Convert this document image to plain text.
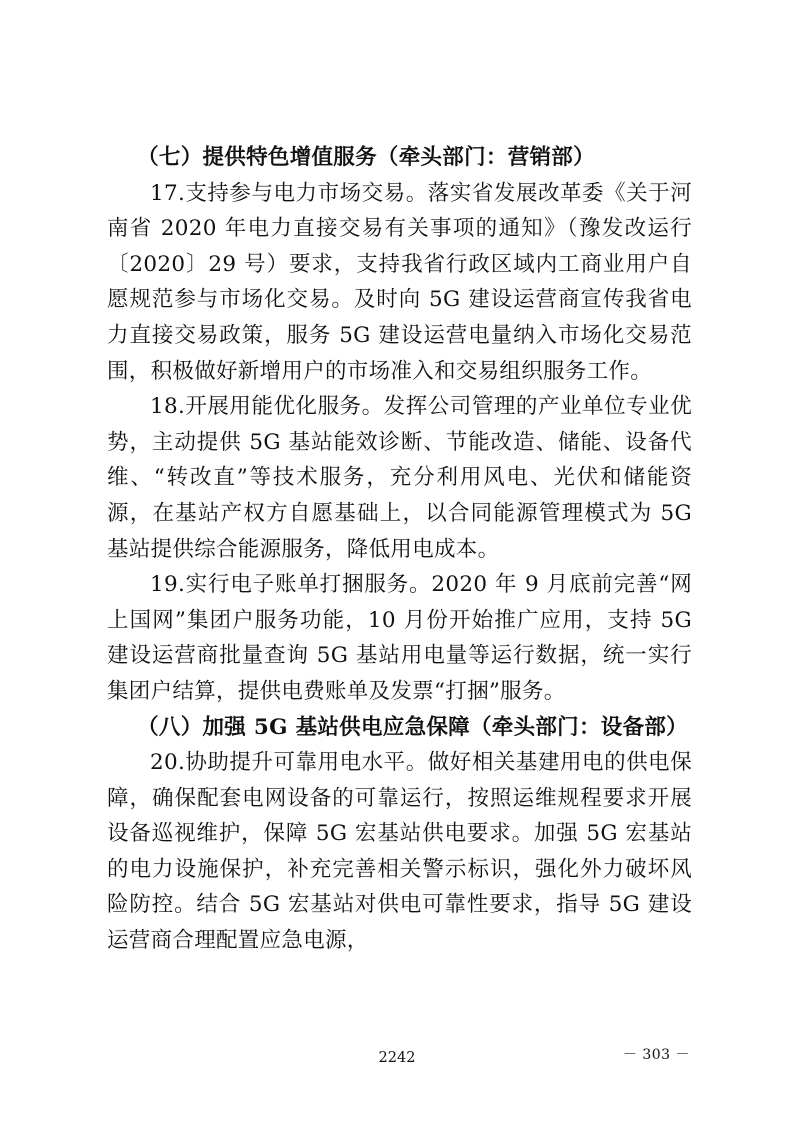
（七）提供特色增值服务（牵头部门：营销部）

17.支持参与电力市场交易。落实省发展改革委《关于河南省 2020 年电力直接交易有关事项的通知》（豫发改运行〔2020〕29 号）要求，支持我省行政区域内工商业用户自愿规范参与市场化交易。及时向 5G 建设运营商宣传我省电力直接交易政策，服务 5G 建设运营电量纳入市场化交易范围，积极做好新增用户的市场准入和交易组织服务工作。

18.开展用能优化服务。发挥公司管理的产业单位专业优势，主动提供 5G 基站能效诊断、节能改造、储能、设备代维、“转改直”等技术服务，充分利用风电、光伏和储能资源，在基站产权方自愿基础上，以合同能源管理模式为 5G 基站提供综合能源服务，降低用电成本。

19.实行电子账单打捆服务。2020 年 9 月底前完善“网上国网”集团户服务功能，10 月份开始推广应用，支持 5G 建设运营商批量查询 5G 基站用电量等运行数据，统一实行集团户结算，提供电费账单及发票“打捆”服务。

（八）加强 5G 基站供电应急保障（牵头部门：设备部）

20.协助提升可靠用电水平。做好相关基建用电的供电保障，确保配套电网设备的可靠运行，按照运维规程要求开展设备巡视维护，保障 5G 宏基站供电要求。加强 5G 宏基站的电力设施保护，补充完善相关警示标识，强化外力破坏风险防控。结合 5G 宏基站对供电可靠性要求，指导 5G 建设运营商合理配置应急电源，

－ 303 －
2242
